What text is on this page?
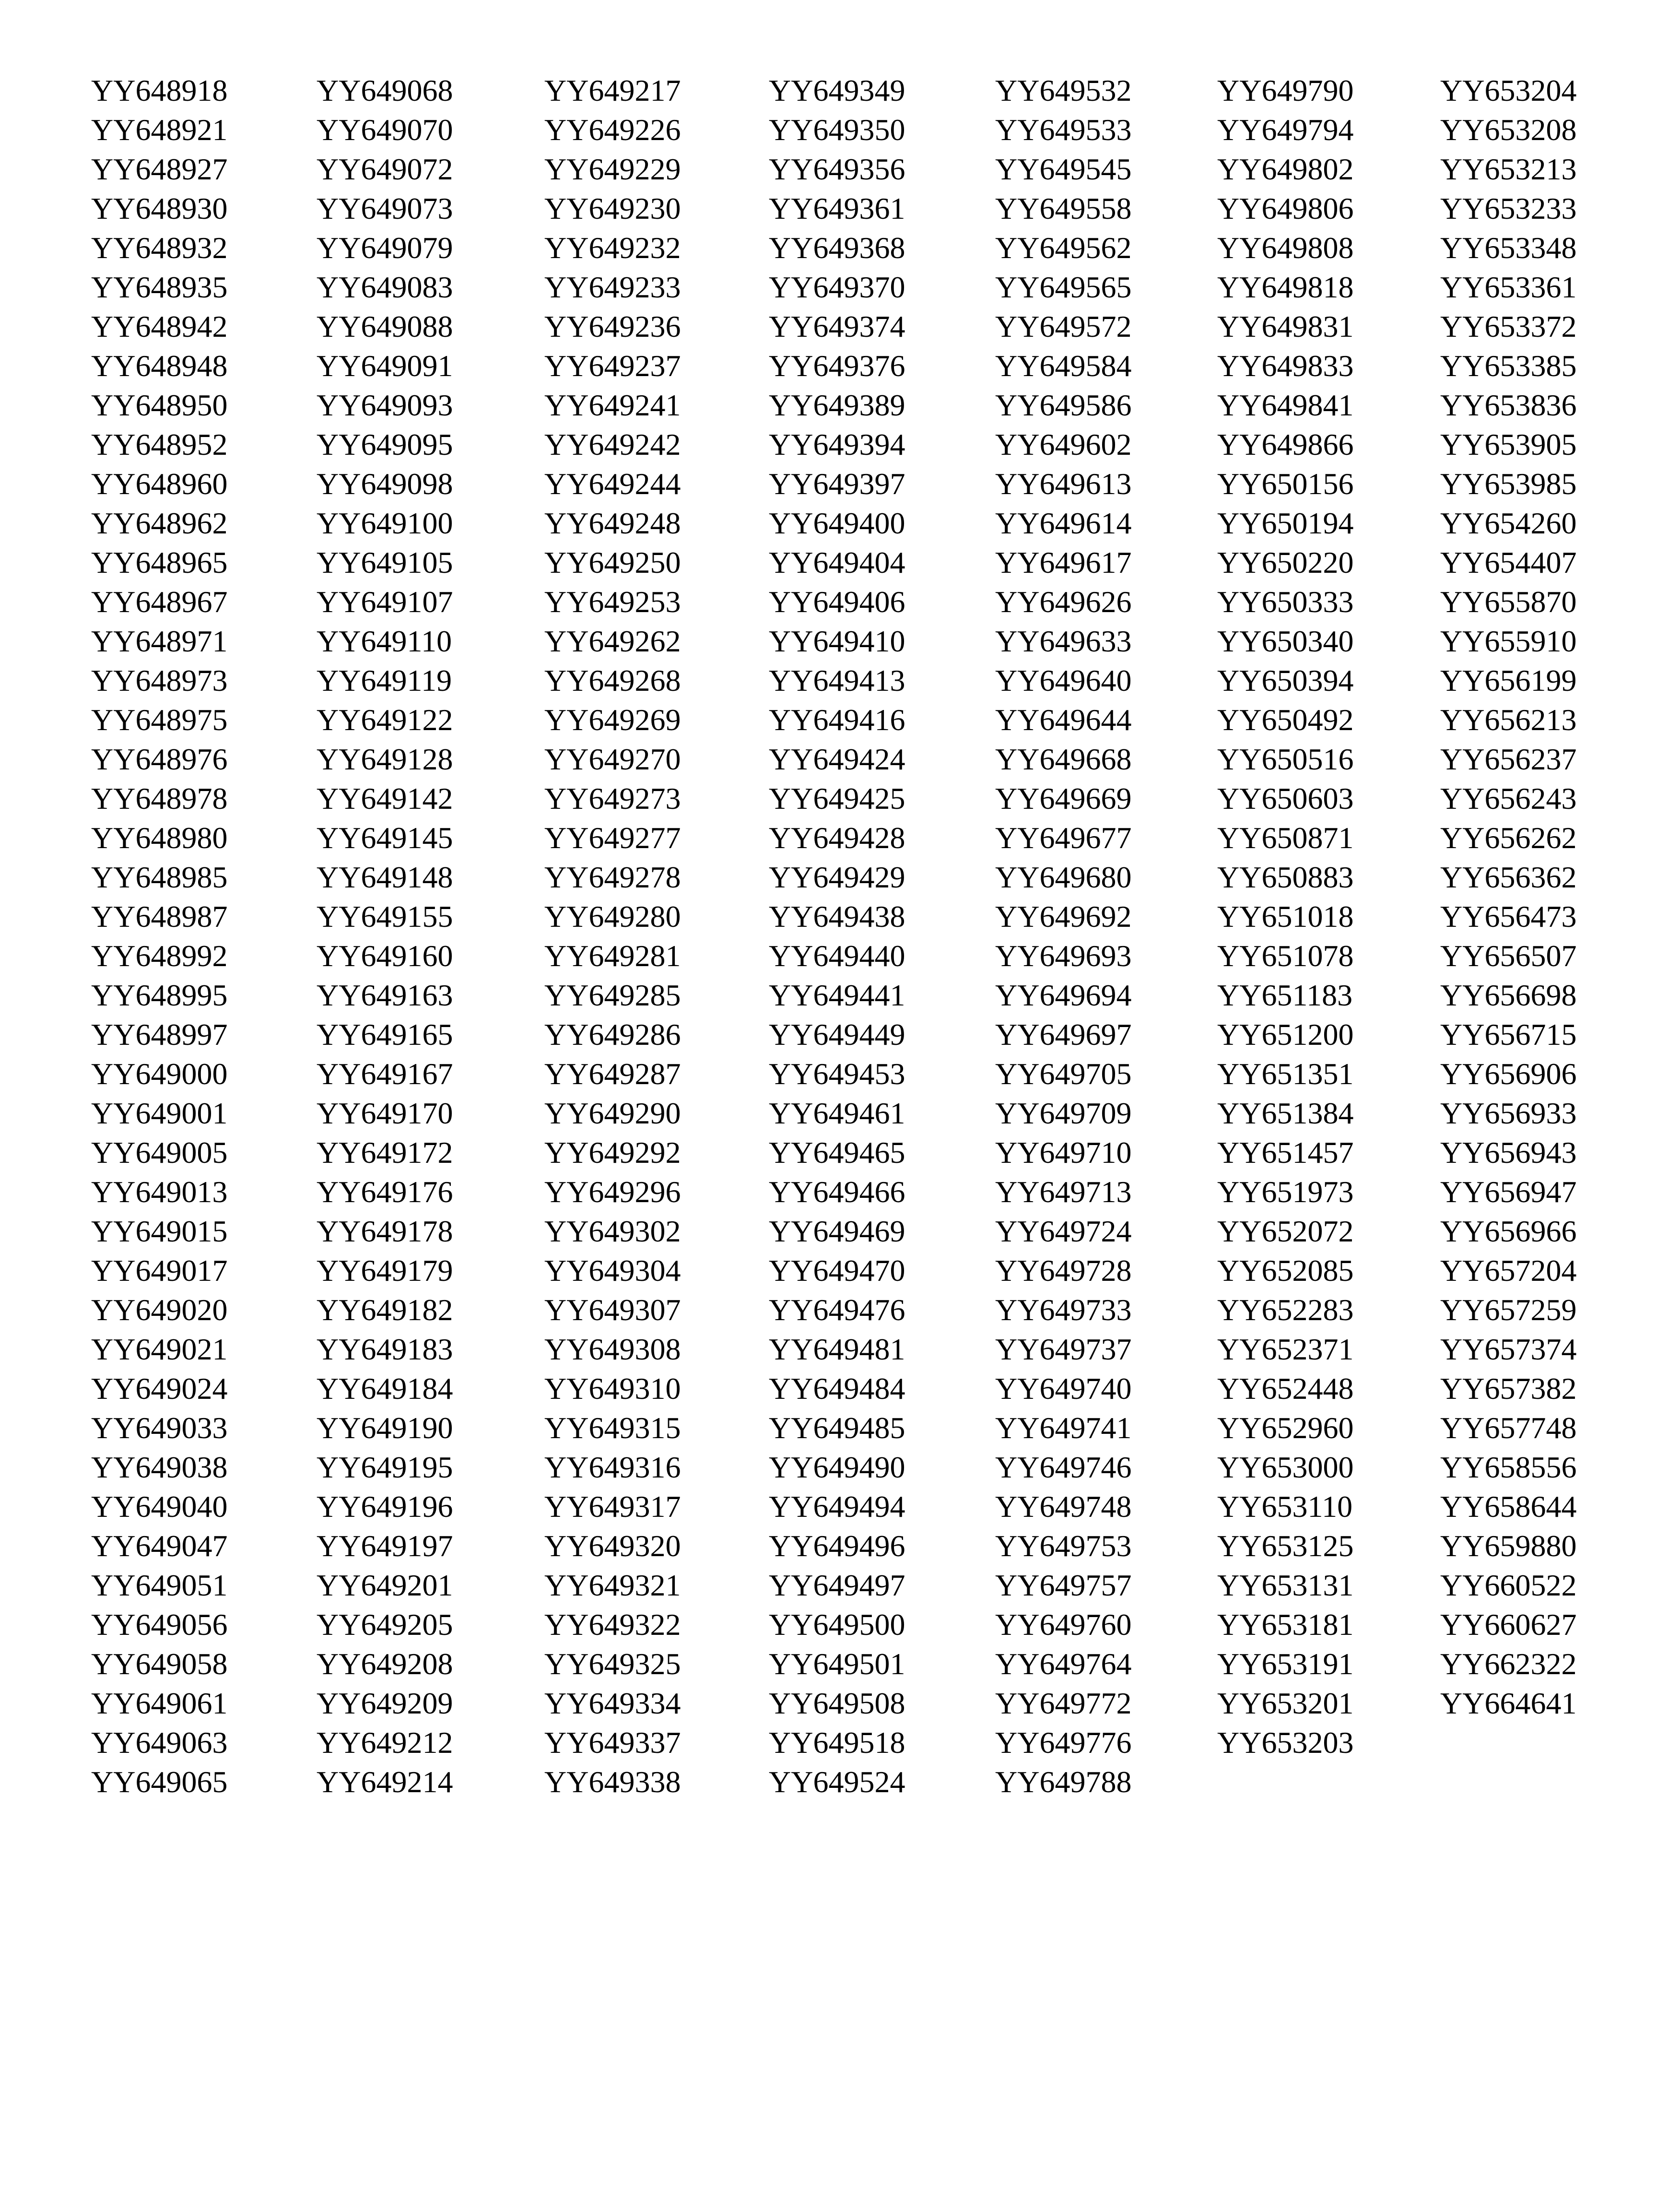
YY648918
YY648921
YY648927
YY648930
YY648932
YY648935
YY648942
YY648948
YY648950
YY648952
YY648960
YY648962
YY648965
YY648967
YY648971
YY648973
YY648975
YY648976
YY648978
YY648980
YY648985
YY648987
YY648992
YY648995
YY648997
YY649000
YY649001
YY649005
YY649013
YY649015
YY649017
YY649020
YY649021
YY649024
YY649033
YY649038
YY649040
YY649047
YY649051
YY649056
YY649058
YY649061
YY649063
YY649065
YY649068
YY649070
YY649072
YY649073
YY649079
YY649083
YY649088
YY649091
YY649093
YY649095
YY649098
YY649100
YY649105
YY649107
YY649110
YY649119
YY649122
YY649128
YY649142
YY649145
YY649148
YY649155
YY649160
YY649163
YY649165
YY649167
YY649170
YY649172
YY649176
YY649178
YY649179
YY649182
YY649183
YY649184
YY649190
YY649195
YY649196
YY649197
YY649201
YY649205
YY649208
YY649209
YY649212
YY649214
YY649217
YY649226
YY649229
YY649230
YY649232
YY649233
YY649236
YY649237
YY649241
YY649242
YY649244
YY649248
YY649250
YY649253
YY649262
YY649268
YY649269
YY649270
YY649273
YY649277
YY649278
YY649280
YY649281
YY649285
YY649286
YY649287
YY649290
YY649292
YY649296
YY649302
YY649304
YY649307
YY649308
YY649310
YY649315
YY649316
YY649317
YY649320
YY649321
YY649322
YY649325
YY649334
YY649337
YY649338
YY649349
YY649350
YY649356
YY649361
YY649368
YY649370
YY649374
YY649376
YY649389
YY649394
YY649397
YY649400
YY649404
YY649406
YY649410
YY649413
YY649416
YY649424
YY649425
YY649428
YY649429
YY649438
YY649440
YY649441
YY649449
YY649453
YY649461
YY649465
YY649466
YY649469
YY649470
YY649476
YY649481
YY649484
YY649485
YY649490
YY649494
YY649496
YY649497
YY649500
YY649501
YY649508
YY649518
YY649524
YY649532
YY649533
YY649545
YY649558
YY649562
YY649565
YY649572
YY649584
YY649586
YY649602
YY649613
YY649614
YY649617
YY649626
YY649633
YY649640
YY649644
YY649668
YY649669
YY649677
YY649680
YY649692
YY649693
YY649694
YY649697
YY649705
YY649709
YY649710
YY649713
YY649724
YY649728
YY649733
YY649737
YY649740
YY649741
YY649746
YY649748
YY649753
YY649757
YY649760
YY649764
YY649772
YY649776
YY649788
YY649790
YY649794
YY649802
YY649806
YY649808
YY649818
YY649831
YY649833
YY649841
YY649866
YY650156
YY650194
YY650220
YY650333
YY650340
YY650394
YY650492
YY650516
YY650603
YY650871
YY650883
YY651018
YY651078
YY651183
YY651200
YY651351
YY651384
YY651457
YY651973
YY652072
YY652085
YY652283
YY652371
YY652448
YY652960
YY653000
YY653110
YY653125
YY653131
YY653181
YY653191
YY653201
YY653203
YY653204
YY653208
YY653213
YY653233
YY653348
YY653361
YY653372
YY653385
YY653836
YY653905
YY653985
YY654260
YY654407
YY655870
YY655910
YY656199
YY656213
YY656237
YY656243
YY656262
YY656362
YY656473
YY656507
YY656698
YY656715
YY656906
YY656933
YY656943
YY656947
YY656966
YY657204
YY657259
YY657374
YY657382
YY657748
YY658556
YY658644
YY659880
YY660522
YY660627
YY662322
YY664641
